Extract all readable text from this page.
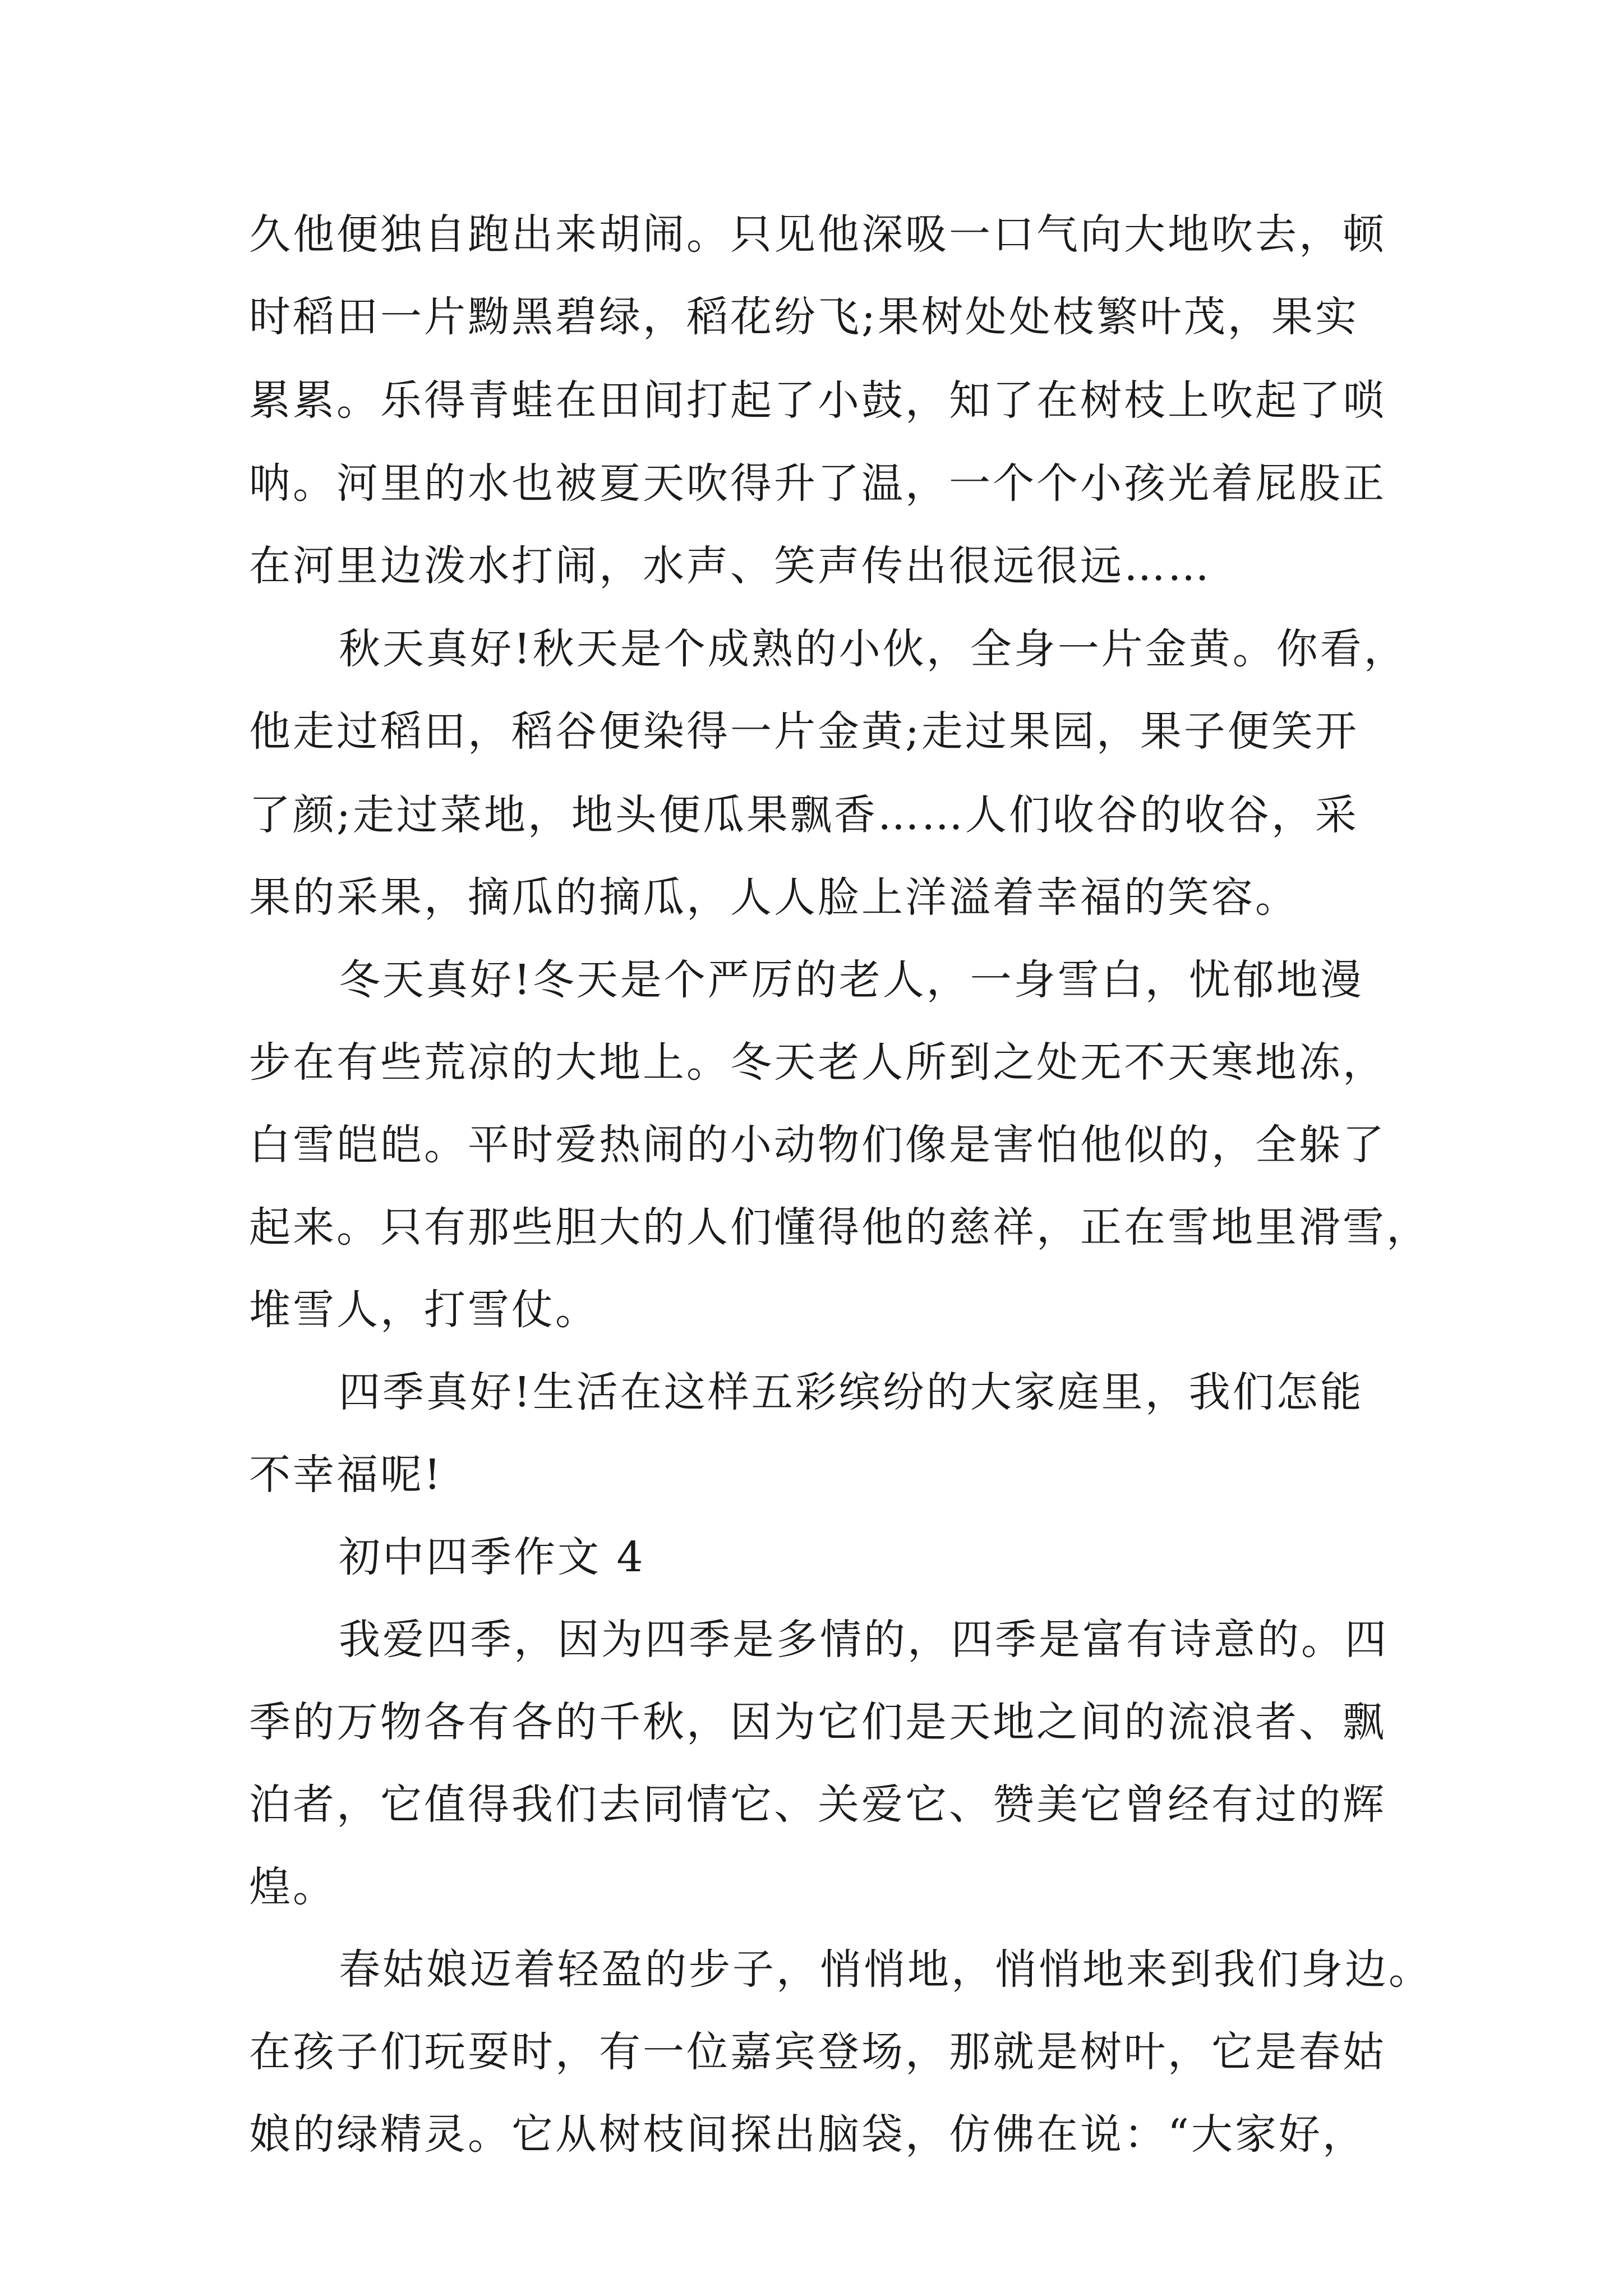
久他便独自跑出来胡闹。只见他深吸一口气向大地吹去，顿
时稻田一片黝黑碧绿，稻花纷飞;果树处处枝繁叶茂，果实
累累。乐得青蛙在田间打起了小鼓，知了在树枝上吹起了唢
呐。河里的水也被夏天吹得升了温，一个个小孩光着屁股正
在河里边泼水打闹，水声、笑声传出很远很远……
秋天真好!秋天是个成熟的小伙，全身一片金黄。你看，
他走过稻田，稻谷便染得一片金黄;走过果园，果子便笑开
了颜;走过菜地，地头便瓜果飘香……人们收谷的收谷，采
果的采果，摘瓜的摘瓜，人人脸上洋溢着幸福的笑容。
冬天真好!冬天是个严厉的老人，一身雪白，忧郁地漫
步在有些荒凉的大地上。冬天老人所到之处无不天寒地冻，
白雪皑皑。平时爱热闹的小动物们像是害怕他似的，全躲了
起来。只有那些胆大的人们懂得他的慈祥，正在雪地里滑雪，
堆雪人，打雪仗。
四季真好!生活在这样五彩缤纷的大家庭里，我们怎能
不幸福呢!
初中四季作文 4
我爱四季，因为四季是多情的，四季是富有诗意的。四
季的万物各有各的千秋，因为它们是天地之间的流浪者、飘
泊者，它值得我们去同情它、关爱它、赞美它曾经有过的辉
煌。
春姑娘迈着轻盈的步子，悄悄地，悄悄地来到我们身边。
在孩子们玩耍时，有一位嘉宾登场，那就是树叶，它是春姑
娘的绿精灵。它从树枝间探出脑袋，仿佛在说：“大家好，
